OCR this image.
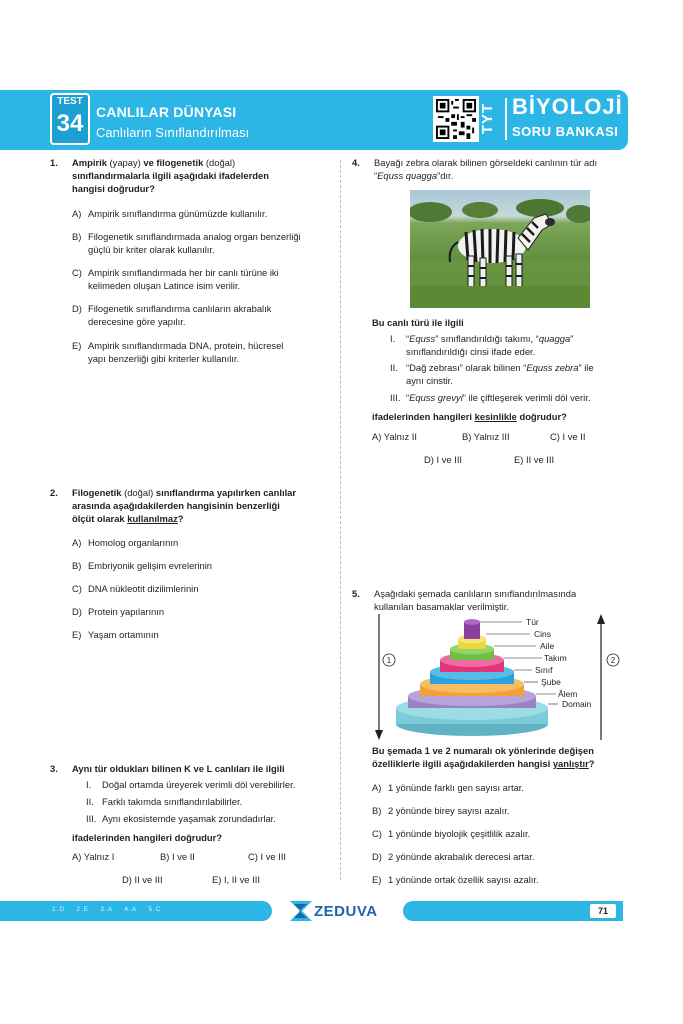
TEST
34 CANLILAR DÜNYASI
Canlıların Sınıflandırılması	TYT BİYOLOJİ
SORU BANKASI
1. Ampirik (yapay) ve filogenetik (doğal)
sınıflandırmalarla ilgili aşağıdaki ifadelerden
hangisi doğrudur?
A) Ampirik sınıflandırma günümüzde kullanılır.
B) Filogenetik sınıflandırmada analog organ benzerliği
güçlü bir kriter olarak kullanılır.
C) Ampirik sınıflandırmada her bir canlı türüne iki
kelimeden oluşan Latince isim verilir.
D) Filogenetik sınıflandırma canlıların akrabalık
derecesine göre yapılır.
E) Ampirik sınıflandırmada DNA, protein, hücresel
yapı benzerliği gibi kriterler kullanılır.
2. Filogenetik (doğal) sınıflandırma yapılırken canlılar
arasında aşağıdakilerden hangisinin benzerliği
ölçüt olarak kullanılmaz?
A) Homolog organlarının
B) Embriyonik gelişim evrelerinin
C) DNA nükleotit dizilimlerinin
D) Protein yapılarının
E) Yaşam ortamının
3. Aynı tür oldukları bilinen K ve L canlıları ile ilgili
I. Doğal ortamda üreyerek verimli döl verebilirler.
II. Farklı takımda sınıflandırılabilirler.
III. Aynı ekosistemde yaşamak zorundadırlar.
ifadelerinden hangileri doğrudur?
A) Yalnız I	B) I ve II	C) I ve III
D) II ve III	E) I, II ve III
4. Bayağı zebra olarak bilinen görseldeki canlının tür adı
“Equss quagga”dır.
Bu canlı türü ile ilgili
I. “Equss” sınıflandırıldığı takımı, “quagga”
sınıflandırıldığı cinsi ifade eder.
II. “Dağ zebrası” olarak bilinen “Equss zebra” ile
aynı cinstir.
III. “Equss grevyi” ile çiftleşerek verimli döl verir.
ifadelerinden hangileri kesinlikle doğrudur?
A) Yalnız II	B) Yalnız III	C) I ve II
D) I ve III	E) II ve III
5. Aşağıdaki şemada canlıların sınıflandırılmasında
kullanılan basamaklar verilmiştir.
1	2
Tür
Cins
Aile
Takım
Sınıf
Şube
Âlem
Domain
Bu şemada 1 ve 2 numaralı ok yönlerinde değişen
özelliklerle ilgili aşağıdakilerden hangisi yanlıştır?
A) 1 yönünde farklı gen sayısı artar.
B) 2 yönünde birey sayısı azalır.
C) 1 yönünde biyolojik çeşitlilik azalır.
D) 2 yönünde akrabalık derecesi artar.
E) 1 yönünde ortak özellik sayısı azalır.
1.D 2.E 3.A 4.A 5.C	ZEDUVA	71
